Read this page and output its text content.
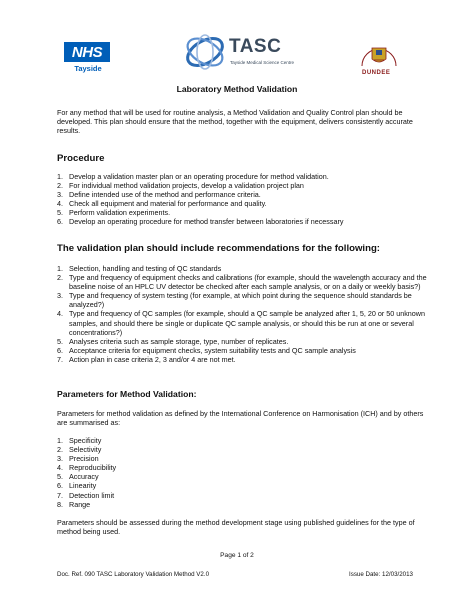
NHS
Tayside
TASC
Tayside Medical Science Centre
DUNDEE
Laboratory Method Validation

For any method that will be used for routine analysis, a Method Validation and Quality Control plan should be developed. This plan should ensure that the method, together with the equipment, delivers consistently accurate results.

Procedure
1. Develop a validation master plan or an operating procedure for method validation.
2. For individual method validation projects, develop a validation project plan
3. Define intended use of the method and performance criteria.
4. Check all equipment and material for performance and quality.
5. Perform validation experiments.
6. Develop an operating procedure for method transfer between laboratories if necessary
The validation plan should include recommendations for the following:
1. Selection, handling and testing of QC standards
2. Type and frequency of equipment checks and calibrations (for example, should the wavelength accuracy and the baseline noise of an HPLC UV detector be checked after each sample analysis, or on a daily or weekly basis?)
3. Type and frequency of system testing (for example, at which point during the sequence should standards be analyzed?)
4. Type and frequency of QC samples (for example, should a QC sample be analyzed after 1, 5, 20 or 50 unknown samples, and should there be single or duplicate QC sample analysis, or should this be run at one or several concentrations?)
5. Analyses criteria such as sample storage, type, number of replicates.
6. Acceptance criteria for equipment checks, system suitability tests and QC sample analysis
7. Action plan in case criteria 2, 3 and/or 4 are not met.
Parameters for Method Validation:

Parameters for method validation as defined by the International Conference on Harmonisation (ICH) and by others are summarised as:

1. Specificity
2. Selectivity
3. Precision
4. Reproducibility
5. Accuracy
6. Linearity
7. Detection limit
8. Range

Parameters should be assessed during the method development stage using published guidelines for the type of method being used.

Page 1 of 2
Doc. Ref. 090 TASC Laboratory Validation Method V2.0	Issue Date: 12/03/2013
